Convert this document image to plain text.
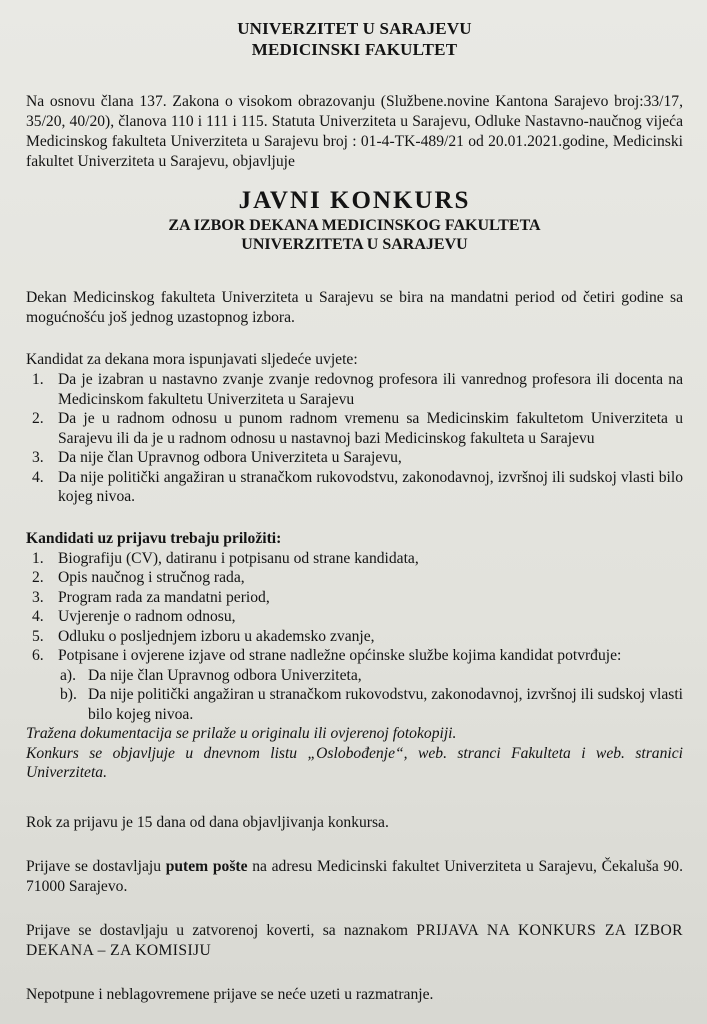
UNIVERZITET U SARAJEVU
MEDICINSKI FAKULTET
Na osnovu člana 137. Zakona o visokom obrazovanju (Službene.novine Kantona Sarajevo broj:33/17, 35/20, 40/20), članova 110 i 111 i 115. Statuta Univerziteta u Sarajevu, Odluke Nastavno-naučnog vijeća Medicinskog fakulteta Univerziteta u Sarajevu broj : 01-4-TK-489/21 od 20.01.2021.godine, Medicinski fakultet Univerziteta u Sarajevu, objavljuje
JAVNI KONKURS
ZA IZBOR DEKANA MEDICINSKOG FAKULTETA
UNIVERZITETA U SARAJEVU
Dekan Medicinskog fakulteta Univerziteta u Sarajevu se bira na mandatni period od četiri godine sa mogućnošću još jednog uzastopnog izbora.
Kandidat za dekana mora ispunjavati sljedeće uvjete:
1. Da je izabran u nastavno zvanje zvanje redovnog profesora ili vanrednog profesora ili docenta na Medicinskom fakultetu Univerziteta u Sarajevu
2. Da je u radnom odnosu u punom radnom vremenu sa Medicinskim fakultetom Univerziteta u Sarajevu ili da je u radnom odnosu u nastavnoj bazi Medicinskog fakulteta u Sarajevu
3. Da nije član Upravnog odbora Univerziteta u Sarajevu,
4. Da nije politički angažiran u stranačkom rukovodstvu, zakonodavnoj, izvršnoj ili sudskoj vlasti bilo kojeg nivoa.
Kandidati uz prijavu trebaju priložiti:
1. Biografiju (CV), datiranu i potpisanu od strane kandidata,
2. Opis naučnog i stručnog rada,
3. Program rada za mandatni period,
4. Uvjerenje o radnom odnosu,
5. Odluku o posljednjem izboru u akademsko zvanje,
6. Potpisane i ovjerene izjave od strane nadležne općinske službe kojima kandidat potvrđuje:
a). Da nije član Upravnog odbora Univerziteta,
b). Da nije politički angažiran u stranačkom rukovodstvu, zakonodavnoj, izvršnoj ili sudskoj vlasti bilo kojeg nivoa.
Tražena dokumentacija se prilaže u originalu ili ovjerenoj fotokopiji.
Konkurs se objavljuje u dnevnom listu „Oslobođenje“, web. stranci Fakulteta i web. stranici Univerziteta.
Rok za prijavu je 15 dana od dana objavljivanja konkursa.
Prijave se dostavljaju putem pošte na adresu Medicinski fakultet Univerziteta u Sarajevu, Čekaluša 90. 71000 Sarajevo.
Prijave se dostavljaju u zatvorenoj koverti, sa naznakom PRIJAVA NA KONKURS ZA IZBOR DEKANA – ZA KOMISIJU
Nepotpune i neblagovremene prijave se neće uzeti u razmatranje.
